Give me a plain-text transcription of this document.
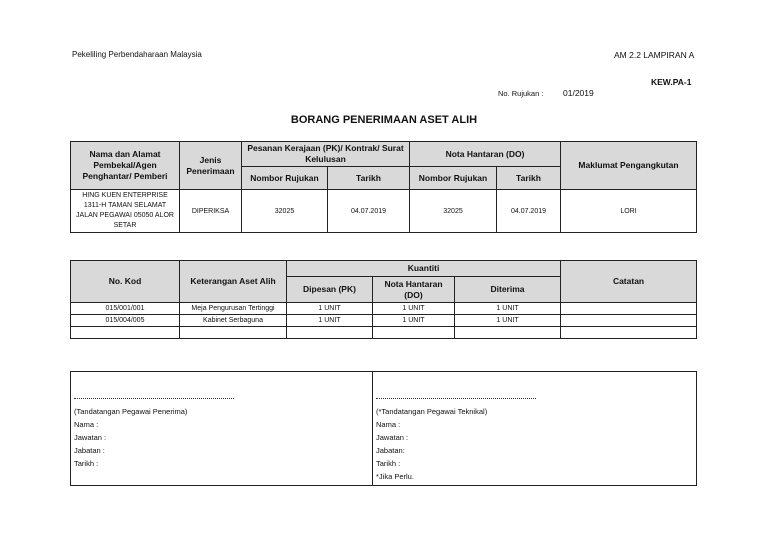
Pekeliling Perbendaharaan Malaysia	AM 2.2 LAMPIRAN A
KEW.PA-1
No. Rujukan : 01/2019
BORANG PENERIMAAN ASET ALIH
Nama dan Alamat Pembekal/Agen Penghantar/ Pemberi	Jenis Penerimaan	Pesanan Kerajaan (PK)/ Kontrak/ Surat Kelulusan		Nota Hantaran (DO)		Maklumat Pengangkutan
		Nombor Rujukan	Tarikh	Nombor Rujukan	Tarikh	

HING KUEN ENTERPRISE
1311-H TAMAN SELAMAT
JALAN PEGAWAI 05050 ALOR
SETAR	DIPERIKSA	32025	04.07.2019	32025	04.07.2019	LORI
No. Kod	Keterangan Aset Alih	Kuantiti			Catatan
		Dipesan (PK)	Nota Hantaran (DO)	Diterima	
015/001/001	Meja Pengurusan Tertinggi	1 UNIT	1 UNIT	1 UNIT	
015/004/005	Kabinet Serbaguna	1 UNIT	1 UNIT	1 UNIT	

(Tandatangan Pegawai Penerima)
Nama :
Jawatan :
Jabatan :
Tarikh :

(*Tandatangan Pegawai Teknikal)
Nama :
Jawatan :
Jabatan:
Tarikh :
*Jika Perlu.
